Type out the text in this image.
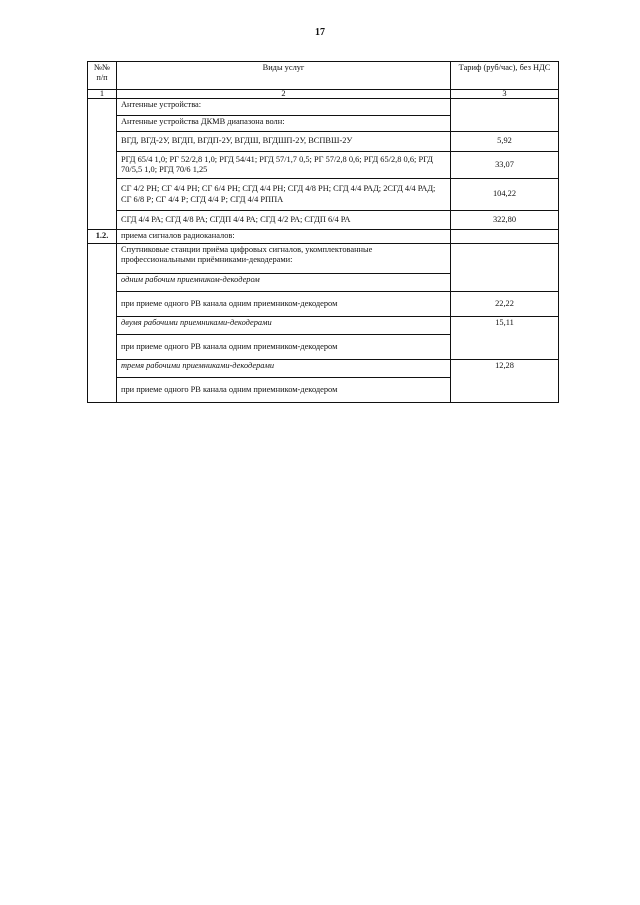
17
№№ п/п	Виды услуг	Тариф (руб/час), без НДС
1	2	3
	Антенные устройства:	
	Антенные устройства ДКМВ диапазона волн:	
	ВГД, ВГД-2У, ВГДП, ВГДП-2У, ВГДШ, ВГДШП-2У, ВСПВШ-2У	5,92
	РГД 65/4 1,0; РГ 52/2,8 1,0; РГД 54/41; РГД 57/1,7 0,5; РГ 57/2,8 0,6; РГД 65/2,8 0,6; РГД 70/5,5 1,0; РГД 70/6 1,25	33,07
	СГ 4/2 РН; СГ 4/4 РН; СГ 6/4 РН; СГД 4/4 РН; СГД 4/8 РН; СГД 4/4 РАД; 2СГД 4/4 РАД; СГ 6/8 Р; СГ 4/4 Р; СГД 4/4 Р; СГД 4/4 РППА	104,22
	СГД 4/4 РА; СГД 4/8 РА; СГДП 4/4 РА; СГД 4/2 РА; СГДП 6/4 РА	322,80
1.2.	приема сигналов радиоканалов:	
	Спутниковые станции приёма цифровых сигналов, укомплектованные профессиональными приёмниками-декодерами:	
	одним рабочим приемником-декодером	
	при приеме одного РВ канала одним приемником-декодером	22,22
	двумя рабочими приемниками-декодерами	15,11
	при приеме одного РВ канала одним приемником-декодером	
	тремя рабочими приемниками-декодерами	12,28
	при приеме одного РВ канала одним приемником-декодером	
